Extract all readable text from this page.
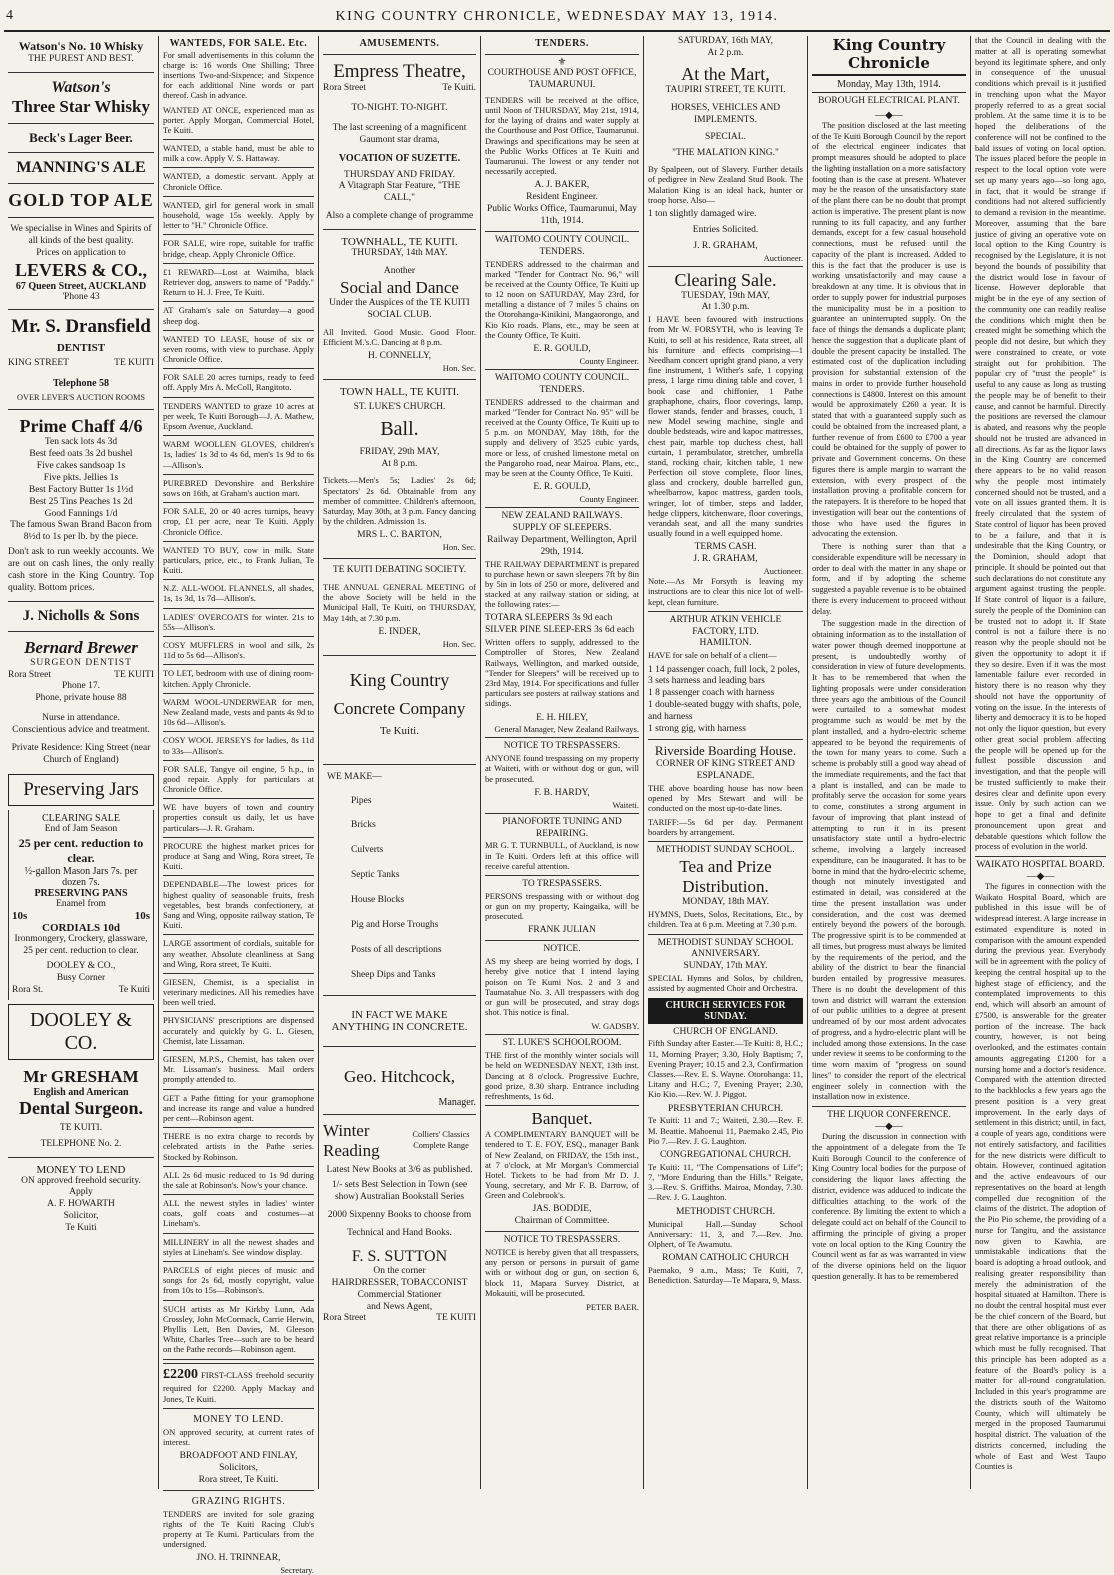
4	KING COUNTRY CHRONICLE, WEDNESDAY MAY 13, 1914.
Watson's No. 10 Whisky
THE PUREST AND BEST.
Watson's
Three Star Whisky
Beck's Lager Beer.
MANNING'S ALE
GOLD TOP ALE
We specialise in Wines and Spirits of all kinds of the best quality.
Prices on application to
LEVERS & CO.,
67 Queen Street, AUCKLAND
'Phone 43
Mr. S. Dransfield
DENTIST
KING STREET	TE KUITI
Telephone 58
OVER LEVER'S AUCTION ROOMS
Prime Chaff 4/6
Ten sack lots 4s 3d
Best feed oats 3s 2d bushel
Five cakes sandsoap 1s
Five pkts. Jellies 1s
Best Factory Butter 1s 1½d
Best 25 Tins Peaches 1s 2d
Good Fannings 1/d
The famous Swan Brand Bacon from 8½d to 1s per lb. by the piece.
Don't ask to run weekly accounts. We are out on cash lines, the only really cash store in the King Country. Top quality. Bottom prices.
J. Nicholls & Sons
Bernard Brewer
SURGEON DENTIST
Rora Street	TE KUITI
Phone 17.
Phone, private house 88
Nurse in attendance.
Conscientious advice and treatment.
Private Residence: King Street (near Church of England)
Preserving Jars
CLEARING SALE
End of Jam Season
25 per cent. reduction to clear.
½-gallon Mason Jars 7s. per dozen 7s.
PRESERVING PANS
Enamel from
10s	10s
CORDIALS 10d
Ironmongery, Crockery, glassware, 25 per cent. reduction to clear.
DOOLEY & CO.,
Busy Corner
Rora St.	Te Kuiti
DOOLEY & CO.
Mr GRESHAM
English and American
Dental Surgeon.
TE KUITI.
TELEPHONE No. 2.
MONEY TO LEND
ON approved freehold security.
Apply
A. F. HOWARTH
Solicitor,
Te Kuiti
WANTEDS, FOR SALE. Etc.
For small advertisements in this column the charge is: 16 words One Shilling; Three insertions Two-and-Sixpence; and Sixpence for each additional Nine words or part thereof. Cash in advance.
WANTED AT ONCE, experienced man as porter. Apply Morgan, Commercial Hotel, Te Kuiti.
WANTED, a stable hand, must be able to milk a cow. Apply V. S. Hattaway.
WANTED, a domestic servant. Apply at Chronicle Office.
WANTED, girl for general work in small household, wage 15s weekly. Apply by letter to "H." Chronicle Office.
FOR SALE, wire rope, suitable for traffic bridge, cheap. Apply Chronicle Office.
£1 REWARD—Lost at Waimiha, black Retriever dog, answers to name of "Paddy." Return to H. J. Free, Te Kuiti.
AT Graham's sale on Saturday—a good sheep dog.
WANTED TO LEASE, house of six or seven rooms, with view to purchase. Apply Chronicle Office.
FOR SALE 20 acres turnips, ready to feed off. Apply Mrs A. McColl, Rangitoto.
TENDERS WANTED to graze 10 acres at per week, Te Kuiti Borough—J. A. Mathew, Epsom Avenue, Auckland.
WARM WOOLLEN GLOVES, children's 1s, ladies' 1s 3d to 4s 6d, men's 1s 9d to 6s—Allison's.
PUREBRED Devonshire and Berkshire sows on 16th, at Graham's auction mart.
FOR SALE, 20 or 40 acres turnips, heavy crop, £1 per acre, near Te Kuiti. Apply Chronicle Office.
WANTED TO BUY, cow in milk. State particulars, price, etc., to Frank Julian, Te Kuiti.
N.Z. ALL-WOOL FLANNELS, all shades, 1s, 1s 3d, 1s 7d—Allison's.
LADIES' OVERCOATS for winter. 21s to 55s—Allison's.
COSY MUFFLERS in wool and silk, 2s 11d to 5s 6d—Allison's.
TO LET, bedroom with use of dining room-kitchen. Apply Chronicle.
WARM WOOL-UNDERWEAR for men, New Zealand made, vests and pants 4s 9d to 10s 6d—Allison's.
COSY WOOL JERSEYS for ladies, 8s 11d to 33s—Allison's.
FOR SALE, Tangye oil engine, 5 h.p., in good repair. Apply for particulars at Chronicle Office.
WE have buyers of town and country properties consult us daily, let us have particulars—J. R. Graham.
PROCURE the highest market prices for produce at Sang and Wing, Rora street, Te Kuiti.
DEPENDABLE—The lowest prices for highest quality of seasonable fruits, fresh vegetables, best brands confectionery, at Sang and Wing, opposite railway station, Te Kuiti.
LARGE assortment of cordials, suitable for any weather. Absolute cleanliness at Sang and Wing, Rora street, Te Kuiti.
GIESEN, Chemist, is a specialist in veterinary medicines. All his remedies have been well tried.
PHYSICIANS' prescriptions are dispensed accurately and quickly by G. L. Giesen, Chemist, late Lissaman.
GIESEN, M.P.S., Chemist, has taken over Mr. Lissaman's business. Mail orders promptly attended to.
GET a Pathe fitting for your gramophone and increase its range and value a hundred per cent—Robinson agent.
THERE is no extra charge to records by celebrated artists in the Pathe series. Stocked by Robinson.
ALL 2s 6d music reduced to 1s 9d during the sale at Robinson's. Now's your chance.
ALL the newest styles in ladies' winter coats, golf coats and costumes—at Lineham's.
MILLINERY in all the newest shades and styles at Lineham's. See window display.
PARCELS of eight pieces of music and songs for 2s 6d, mostly copyright, value from 10s to 15s—Robinson's.
SUCH artists as Mr Kirkby Lunn, Ada Crossley, John McCormack, Carrie Herwin, Phyllis Lett, Ben Davies, M. Gleeson White, Charles Tree—such are to be heard on the Pathe records—Robinson agent.
£2200 FIRST-CLASS freehold security required for £2200. Apply Mackay and Jones, Te Kuiti.
MONEY TO LEND.
ON approved security, at current rates of interest.
BROADFOOT AND FINLAY,
Solicitors,
Rora street, Te Kuiti.
GRAZING RIGHTS.
TENDERS are invited for sole grazing rights of the Te Kuiti Racing Club's property at Te Kumi. Particulars from the undersigned.
JNO. H. TRINNEAR,
Secretary.
AMUSEMENTS.
Empress Theatre,
Rora Street	Te Kuiti.
TO-NIGHT. TO-NIGHT.
The last screening of a magnificent Gaumont star drama,
VOCATION OF SUZETTE.
THURSDAY AND FRIDAY.
A Vitagraph Star Feature, "THE CALL,"
Also a complete change of programme
TOWNHALL, TE KUITI.
THURSDAY, 14th MAY.
Another
Social and Dance
Under the Auspices of the TE KUITI SOCIAL CLUB.
All Invited. Good Music. Good Floor. Efficient M.'s.C. Dancing at 8 p.m.
H. CONNELLY,
Hon. Sec.
TOWN HALL, TE KUITI.
ST. LUKE'S CHURCH.
Ball.
FRIDAY, 29th MAY,
At 8 p.m.
Tickets.—Men's 5s; Ladies' 2s 6d; Spectators' 2s 6d. Obtainable from any member of committee. Children's afternoon, Saturday, May 30th, at 3 p.m. Fancy dancing by the children. Admission 1s.
MRS L. C. BARTON,
Hon. Sec.
TE KUITI DEBATING SOCIETY.
THE ANNUAL GENERAL MEETING of the above Society will be held in the Municipal Hall, Te Kuiti, on THURSDAY, May 14th, at 7.30 p.m.
E. INDER,
Hon. Sec.
King Country
Concrete Company
Te Kuiti.
WE MAKE—
Pipes
Bricks
Culverts
Septic Tanks
House Blocks
Pig and Horse Troughs
Posts of all descriptions
Sheep Dips and Tanks
IN FACT WE MAKE ANYTHING IN CONCRETE.
Geo. Hitchcock,
Manager.
Winter Reading
Colliers' Classics Complete Range
Latest New Books at 3/6 as published.
1/- sets Best Selection in Town (see show) Australian Bookstall Series
2000 Sixpenny Books to choose from
Technical and Hand Books.
F. S. SUTTON
On the corner
HAIRDRESSER, TOBACCONIST
Commercial Stationer
and News Agent,
Rora Street	TE KUITI
TENDERS.
⚜
COURTHOUSE AND POST OFFICE, TAUMARUNUI.
TENDERS will be received at the office, until Noon of THURSDAY, May 21st, 1914, for the laying of drains and water supply at the Courthouse and Post Office, Taumarunui. Drawings and specifications may be seen at the Public Works Offices at Te Kuiti and Taumarunui. The lowest or any tender not necessarily accepted.
A. J. BAKER,
Resident Engineer.
Public Works Office, Taumarunui, May 11th, 1914.
WAITOMO COUNTY COUNCIL.
TENDERS.
TENDERS addressed to the chairman and marked "Tender for Contract No. 96," will be received at the County Office, Te Kuiti up to 12 noon on SATURDAY, May 23rd, for metalling a distance of 7 miles 5 chains on the Otorohanga-Kinikini, Mangaorongo, and Kio Kio roads. Plans, etc., may be seen at the County Office, Te Kuiti.
E. R. GOULD,
County Engineer.
WAITOMO COUNTY COUNCIL.
TENDERS.
TENDERS addressed to the chairman and marked "Tender for Contract No. 95" will be received at the County Office, Te Kuiti up to 5 p.m. on MONDAY, May 18th, for the supply and delivery of 3525 cubic yards, more or less, of crushed limestone metal on the Pangaroho road, near Mairoa. Plans, etc., may be seen at the County Office, Te Kuiti.
E. R. GOULD,
County Engineer.
NEW ZEALAND RAILWAYS.
SUPPLY OF SLEEPERS.
Railway Department, Wellington, April 29th, 1914.
THE RAILWAY DEPARTMENT is prepared to purchase hewn or sawn sleepers 7ft by 8in by 5in in lots of 250 or more, delivered and stacked at any railway station or siding, at the following rates:—
TOTARA SLEEPERS 3s 9d each
SILVER PINE SLEEP-ERS 3s 6d each
Written offers to supply, addressed to the Comptroller of Stores, New Zealand Railways, Wellington, and marked outside, "Tender for Sleepers" will be received up to 23rd May, 1914. For specifications and fuller particulars see posters at railway stations and sidings.
E. H. HILEY,
General Manager, New Zealand Railways.
NOTICE TO TRESPASSERS.
ANYONE found trespassing on my property at Waiteti, with or without dog or gun, will be prosecuted.
F. B. HARDY,
Waiteti.
PIANOFORTE TUNING AND REPAIRING.
MR G. T. TURNBULL, of Auckland, is now in Te Kuiti. Orders left at this office will receive careful attention.
TO TRESPASSERS.
PERSONS trespassing with or without dog or gun on my property, Kaingaika, will be prosecuted.
FRANK JULIAN
NOTICE.
AS my sheep are being worried by dogs, I hereby give notice that I intend laying poison on Te Kumi Nos. 2 and 3 and Taumatahue No. 3. All trespassers with dog or gun will be prosecuted, and stray dogs shot. This notice is final.
W. GADSBY.
ST. LUKE'S SCHOOLROOM.
THE first of the monthly winter socials will be held on WEDNESDAY NEXT, 13th inst. Dancing at 8 o'clock. Progressive Euchre, good prize, 8.30 sharp. Entrance including refreshments, 1s 6d.
Banquet.
A COMPLIMENTARY BANQUET will be tendered to T. E. FOY, ESQ., manager Bank of New Zealand, on FRIDAY, the 15th inst., at 7 o'clock, at Mr Morgan's Commercial Hotel. Tickets to be had from Mr D. J. Young, secretary, and Mr F. B. Darrow, of Green and Colebrook's.
JAS. BODDIE,
Chairman of Committee.
NOTICE TO TRESPASSERS.
NOTICE is hereby given that all trespassers, any person or persons in pursuit of game with or without dog or gun, on section 6, block 11, Mapara Survey District, at Mokauiti, will be prosecuted.
PETER BAER.
SATURDAY, 16th MAY,
At 2 p.m.
At the Mart,
TAUPIRI STREET, TE KUITI.
HORSES, VEHICLES AND IMPLEMENTS.
SPECIAL.
"THE MALATION KING."
By Spalpeen, out of Slavery. Further details of pedigree in New Zealand Stud Book. The Malation King is an ideal hack, hunter or troop horse. Also—
1 ton slightly damaged wire.
Entries Solicited.
J. R. GRAHAM,
Auctioneer.
Clearing Sale.
TUESDAY, 19th MAY,
At 1.30 p.m.
I HAVE been favoured with instructions from Mr W. FORSYTH, who is leaving Te Kuiti, to sell at his residence, Rata street, all his furniture and effects comprising—1 Needham concert upright grand piano, a very fine instrument, 1 Wither's safe, 1 copying press, 1 large rimu dining table and cover, 1 book case and chiffonier, 1 Pathe graphaphone, chairs, floor coverings, lamp, flower stands, fender and brasses, couch, 1 new Model sewing machine, single and double bedsteads, wire and kapoc mattresses, chest pair, marble top duchess chest, hall curtain, 1 perambulator, stretcher, umbrella stand, rocking chair, kitchen table, 1 new Perfection oil stove complete, floor lines, glass and crockery, double barrelled gun, wheelbarrow, kapoc mattress, garden tools, wringer, lot of timber, steps and ladder, hedge clippers, kitchenware, floor coverings, verandah seat, and all the many sundries usually found in a well equipped home.
TERMS CASH.
J. R. GRAHAM,
Auctioneer.
Note.—As Mr Forsyth is leaving my instructions are to clear this nice lot of well-kept, clean furniture.
ARTHUR ATKIN VEHICLE FACTORY, LTD.
HAMILTON.
HAVE for sale on behalf of a client—
1 14 passenger coach, full lock, 2 poles, 3 sets harness and leading bars
1 8 passenger coach with harness
1 double-seated buggy with shafts, pole, and harness
1 strong gig, with harness
Riverside Boarding House.
CORNER OF KING STREET AND ESPLANADE.
THE above boarding house has now been opened by Mrs Stewart and will be conducted on the most up-to-date lines.
TARIFF:—5s 6d per day. Permanent boarders by arrangement.
METHODIST SUNDAY SCHOOL.
Tea and Prize Distribution.
MONDAY, 18th MAY.
HYMNS, Duets, Solos, Recitations, Etc., by children. Tea at 6 p.m. Meeting at 7.30 p.m.
METHODIST SUNDAY SCHOOL ANNIVERSARY.
SUNDAY, 17th MAY.
SPECIAL Hymns and Solos, by children, assisted by augmented Choir and Orchestra.
CHURCH SERVICES FOR SUNDAY.
CHURCH OF ENGLAND.
Fifth Sunday after Easter.—Te Kuiti: 8, H.C.; 11, Morning Prayer; 3.30, Holy Baptism; 7, Evening Prayer; 10.15 and 2.3, Confirmation Classes.—Rev. E. S. Wayne. Otorohanga: 11, Litany and H.C.; 7, Evening Prayer; 2.30, Kio Kio.—Rev. W. J. Piggot.
PRESBYTERIAN CHURCH.
Te Kuiti: 11 and 7.; Waiteti, 2.30.—Rev. F. M. Beattie. Mahoenui 11, Paemako 2.45, Pio Pio 7.—Rev. J. G. Laughton.
CONGREGATIONAL CHURCH.
Te Kuiti: 11, "The Compensations of Life"; 7, "More Enduring than the Hills." Reigate, 3.—Rev. S. Griffiths. Mairoa, Monday, 7.30.—Rev. J. G. Laughton.
METHODIST CHURCH.
Municipal Hall.—Sunday School Anniversary: 11, 3, and 7.—Rev. Jno. Olphert, of Te Awamutu.
ROMAN CATHOLIC CHURCH
Paemako, 9 a.m., Mass; Te Kuiti, 7, Benediction. Saturday—Te Mapara, 9, Mass.
King Country Chronicle
Monday, May 13th, 1914.
BOROUGH ELECTRICAL PLANT.
—◆—
The position disclosed at the last meeting of the Te Kuiti Borough Council by the report of the electrical engineer indicates that prompt measures should be adopted to place the lighting installation on a more satisfactory footing than is the case at present. Whatever may be the reason of the unsatisfactory state of the plant there can be no doubt that prompt action is imperative. The present plant is now running to its full capacity, and any further demands, except for a few casual household connections, must be refused until the capacity of the plant is increased. Added to this is the fact that the producer is use is working unsatisfactorily and may cause a breakdown at any time. It is obvious that in order to supply power for industrial purposes the municipality must be in a position to guarantee an uninterrupted supply. On the face of things the demands a duplicate plant; hence the suggestion that a duplicate plant of double the present capacity be installed. The estimated cost of the duplication including provision for substantial extension of the mains in order to provide further household connections is £4800. Interest on this amount would be approximately £260 a year. It is stated that with a guaranteed supply such as could be obtained from the increased plant, a further revenue of from £600 to £700 a year could be obtained for the supply of power to private and Government concerns. On these figures there is ample margin to warrant the extension, with every prospect of the installation proving a profitable concern for the ratepayers. It is therefore to be hoped that investigation will bear out the contentions of those who have used the figures in advocating the extension.
There is nothing surer than that a considerable expenditure will be necessary in order to deal with the matter in any shape or form, and if by adopting the scheme suggested a payable revenue is to be obtained there is every inducement to proceed without delay.
The suggestion made in the direction of obtaining information as to the installation of water power though deemed inopportune at present, is undoubtedly worthy of consideration in view of future developments. It has to be remembered that when the lighting proposals were under consideration three years ago the ambitious of the Council were curtailed to a somewhat modest programme such as would be met by the plant installed, and a hydro-electric scheme appeared to be beyond the requirements of the town for many years to come. Such a scheme is probably still a good way ahead of the immediate requirements, and the fact that a plant is installed, and can be made to profitably serve the occasion for some years to come, constitutes a strong argument in favour of improving that plant instead of attempting to run it in its present unsatisfactory state until a hydro-electric scheme, involving a largely increased expenditure, can be inaugurated. It has to be borne in mind that the hydro-electric scheme, though not minutely investigated and estimated in detail, was considered at the time the present installation was under consideration, and the cost was deemed entirely beyond the powers of the borough. The progressive spirit is to be commended at all times, but progress must always be limited by the requirements of the period, and the ability of the district to bear the financial burden entailed by progressive measures. There is no doubt the development of this town and district will warrant the extension of our public utilities to a degree at present undreamed of by our most ardent advocates of progress, and a hydro-electric plant will be included among those extensions. In the case under review it seems to be conforming to the time worn maxim of "progress on sound lines" to consider the report of the electrical engineer solely in connection with the installation now in existence.
THE LIQUOR CONFERENCE.
—◆—
During the discussion in connection with the appointment of a delegate from the Te Kuiti Borough Council to the conference of King Country local bodies for the purpose of considering the liquor laws affecting the district, evidence was adduced to indicate the difficulties attaching to the work of the conference. By limiting the extent to which a delegate could act on behalf of the Council to affirming the principle of giving a proper vote on local option to the King Country the Council went as far as was warranted in view of the diverse opinions held on the liquor question generally. It has to be remembered
that the Council in dealing with the matter at all is operating somewhat beyond its legitimate sphere, and only in consequence of the unusual conditions which prevail is it justified in trenching upon what the Mayor properly referred to as a great social problem. At the same time it is to be hoped the deliberations of the conference will not be confined to the bald issues of voting on local option. The issues placed before the people in respect to the local option vote were set up many years ago—so long ago, in fact, that it would be strange if conditions had not altered sufficiently to demand a revision in the meantime. Moreover, assuming that the bare justice of giving an operative vote on local option to the King Country is recognised by the Legislature, it is not beyond the bounds of possibility that the district would lose in favour of license. However deplorable that might be in the eye of any section of the community one can readily realise the conditions which might then be created might be something which the people did not desire, but which they were constrained to create, or vote straight out for prohibition. The popular cry of "trust the people" is useful to any cause as long as trusting the people may be of benefit to their cause, and cannot be harmful. Directly the positions are reversed the clamour is abated, and reasons why the people should not be trusted are advanced in all directions. As far as the liquor laws in the King Country are concerned there appears to be no valid reason why the people most intimately concerned should not be trusted, and a vote on all issues granted them. It is freely circulated that the system of State control of liquor has been proved to be a failure, and that it is undesirable that the King Country, or the Dominion, should adopt that principle. It should be pointed out that such declarations do not constitute any argument against trusting the people. If State control of liquor is a failure, surely the people of the Dominion can be trusted not to adopt it. If State control is not a failure there is no reason why the people should not be given the opportunity to adopt it if they so desire. Even if it was the most lamentable failure ever recorded in history there is no reason why they should not have the opportunity of voting on the issue. In the interests of liberty and democracy it is to be hoped not only the liquor question, but every other great social problem affecting the people will be opened up for the fullest possible discussion and investigation, and that the people will be trusted sufficiently to make their desires clear and definite upon every issue. Only by such action can we hope to get a final and definite pronouncement upon great and debatable questions which follow the process of evolution in the world.
WAIKATO HOSPITAL BOARD.
—◆—
The figures in connection with the Waikato Hospital Board, which are published in this issue will be of widespread interest. A large increase in estimated expenditure is noted in comparison with the amount expended during the previous year. Everybody will be in agreement with the policy of keeping the central hospital up to the highest stage of efficiency, and the contemplated improvements to this end, which will absorb an amount of £7500, is answerable for the greater portion of the increase. The back country, however, is not being overlooked, and the estimates contain amounts aggregating £1200 for a nursing home and a doctor's residence. Compared with the attention directed to the backblocks a few years ago the present position is a very great improvement. In the early days of settlement in this district; until, in fact, a couple of years ago, conditions were not entirely satisfactory, and facilities for the new districts were difficult to obtain. However, continued agitation and the active endeavours of our representatives on the board at length compelled due recognition of the claims of the district. The adoption of the Pio Pio scheme, the providing of a nurse for Tangitu, and the assistance now given to Kawhia, are unmistakable indications that the board is adopting a broad outlook, and realising greater responsibility than merely the administration of the hospital situated at Hamilton. There is no doubt the central hospital must ever be the chief concern of the Board, but that there are other obligations of as great relative importance is a principle which must be fully recognised. That this principle has been adopted as a feature of the Board's policy is a matter for all-round congratulation. Included in this year's programme are the districts south of the Waitomo County, which will ultimately be merged in the proposed Taumarunui hospital district. The valuation of the districts concerned, including the whole of East and West Taupo Counties is
